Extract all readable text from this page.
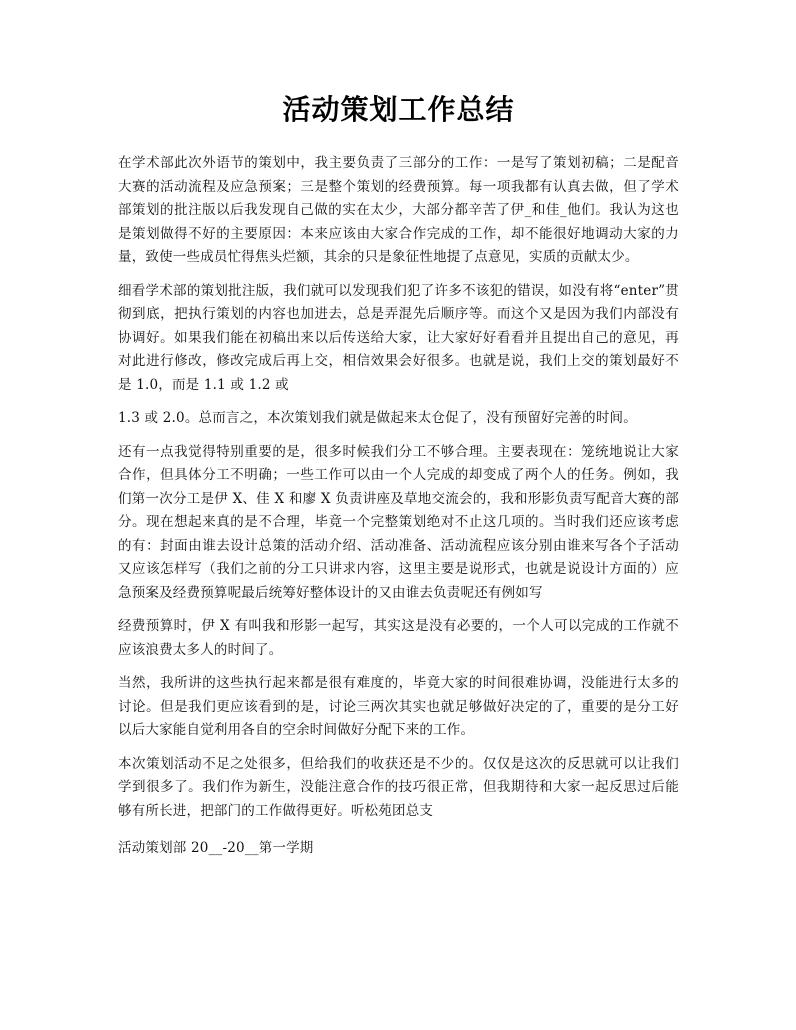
活动策划工作总结

在学术部此次外语节的策划中，我主要负责了三部分的工作：一是写了策划初稿；二是配音大赛的活动流程及应急预案；三是整个策划的经费预算。每一项我都有认真去做，但了学术部策划的批注版以后我发现自己做的实在太少，大部分都辛苦了伊_和佳_他们。我认为这也是策划做得不好的主要原因：本来应该由大家合作完成的工作，却不能很好地调动大家的力量，致使一些成员忙得焦头烂额，其余的只是象征性地提了点意见，实质的贡献太少。

细看学术部的策划批注版，我们就可以发现我们犯了许多不该犯的错误，如没有将“enter”贯彻到底，把执行策划的内容也加进去，总是弄混先后顺序等。而这个又是因为我们内部没有协调好。如果我们能在初稿出来以后传送给大家，让大家好好看看并且提出自己的意见，再对此进行修改，修改完成后再上交，相信效果会好很多。也就是说，我们上交的策划最好不是 1.0，而是 1.1 或 1.2 或

1.3 或 2.0。总而言之，本次策划我们就是做起来太仓促了，没有预留好完善的时间。

还有一点我觉得特别重要的是，很多时候我们分工不够合理。主要表现在：笼统地说让大家合作，但具体分工不明确；一些工作可以由一个人完成的却变成了两个人的任务。例如，我们第一次分工是伊 X、佳 X 和廖 X 负责讲座及草地交流会的，我和形影负责写配音大赛的部分。现在想起来真的是不合理，毕竟一个完整策划绝对不止这几项的。当时我们还应该考虑的有：封面由谁去设计总策的活动介绍、活动准备、活动流程应该分别由谁来写各个子活动又应该怎样写（我们之前的分工只讲求内容，这里主要是说形式，也就是说设计方面的）应急预案及经费预算呢最后统筹好整体设计的又由谁去负责呢还有例如写

经费预算时，伊 X 有叫我和形影一起写，其实这是没有必要的，一个人可以完成的工作就不应该浪费太多人的时间了。

当然，我所讲的这些执行起来都是很有难度的，毕竟大家的时间很难协调，没能进行太多的讨论。但是我们更应该看到的是，讨论三两次其实也就足够做好决定的了，重要的是分工好以后大家能自觉利用各自的空余时间做好分配下来的工作。

本次策划活动不足之处很多，但给我们的收获还是不少的。仅仅是这次的反思就可以让我们学到很多了。我们作为新生，没能注意合作的技巧很正常，但我期待和大家一起反思过后能够有所长进，把部门的工作做得更好。听松苑团总支

活动策划部 20__-20__第一学期
